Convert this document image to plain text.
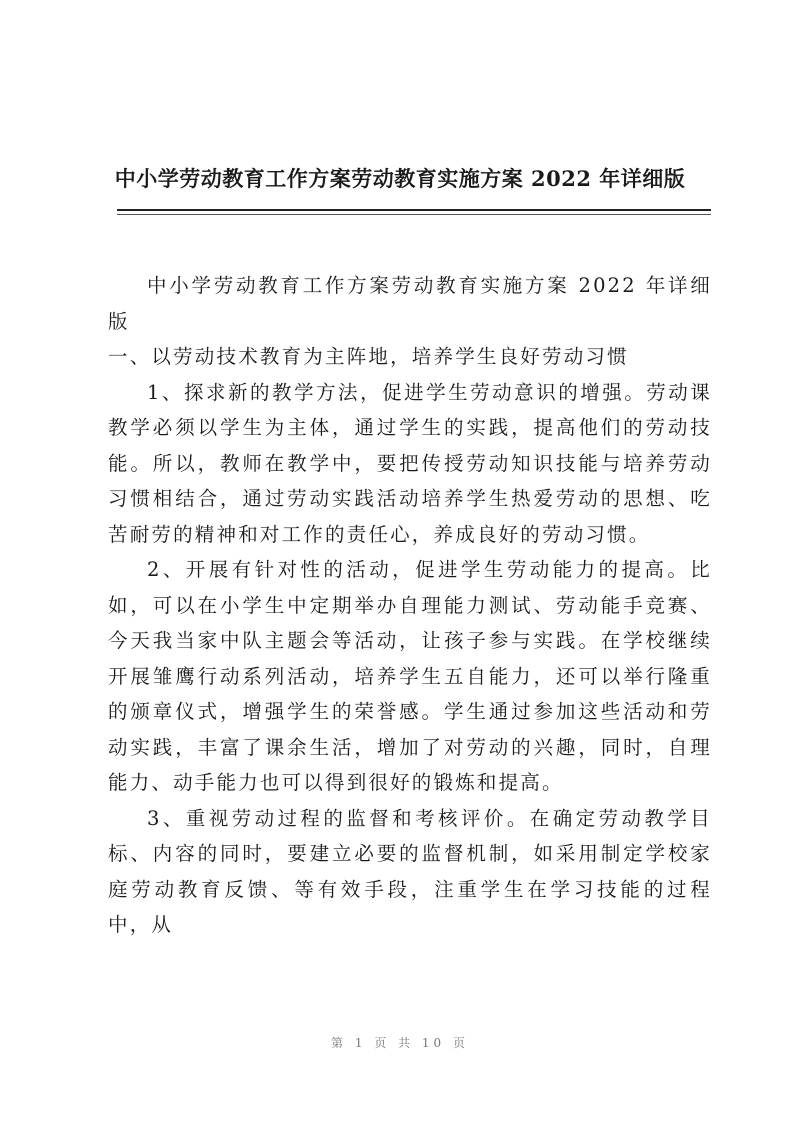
中小学劳动教育工作方案劳动教育实施方案 2022 年详细版

中小学劳动教育工作方案劳动教育实施方案 2022 年详细版

一、以劳动技术教育为主阵地，培养学生良好劳动习惯

1、探求新的教学方法，促进学生劳动意识的增强。劳动课教学必须以学生为主体，通过学生的实践，提高他们的劳动技能。所以，教师在教学中，要把传授劳动知识技能与培养劳动习惯相结合，通过劳动实践活动培养学生热爱劳动的思想、吃苦耐劳的精神和对工作的责任心，养成良好的劳动习惯。

2、开展有针对性的活动，促进学生劳动能力的提高。比如，可以在小学生中定期举办自理能力测试、劳动能手竞赛、今天我当家中队主题会等活动，让孩子参与实践。在学校继续开展雏鹰行动系列活动，培养学生五自能力，还可以举行隆重的颁章仪式，增强学生的荣誉感。学生通过参加这些活动和劳动实践，丰富了课余生活，增加了对劳动的兴趣，同时，自理能力、动手能力也可以得到很好的锻炼和提高。

3、重视劳动过程的监督和考核评价。在确定劳动教学目标、内容的同时，要建立必要的监督机制，如采用制定学校家庭劳动教育反馈、等有效手段，注重学生在学习技能的过程中，从

第 1 页 共 10 页
